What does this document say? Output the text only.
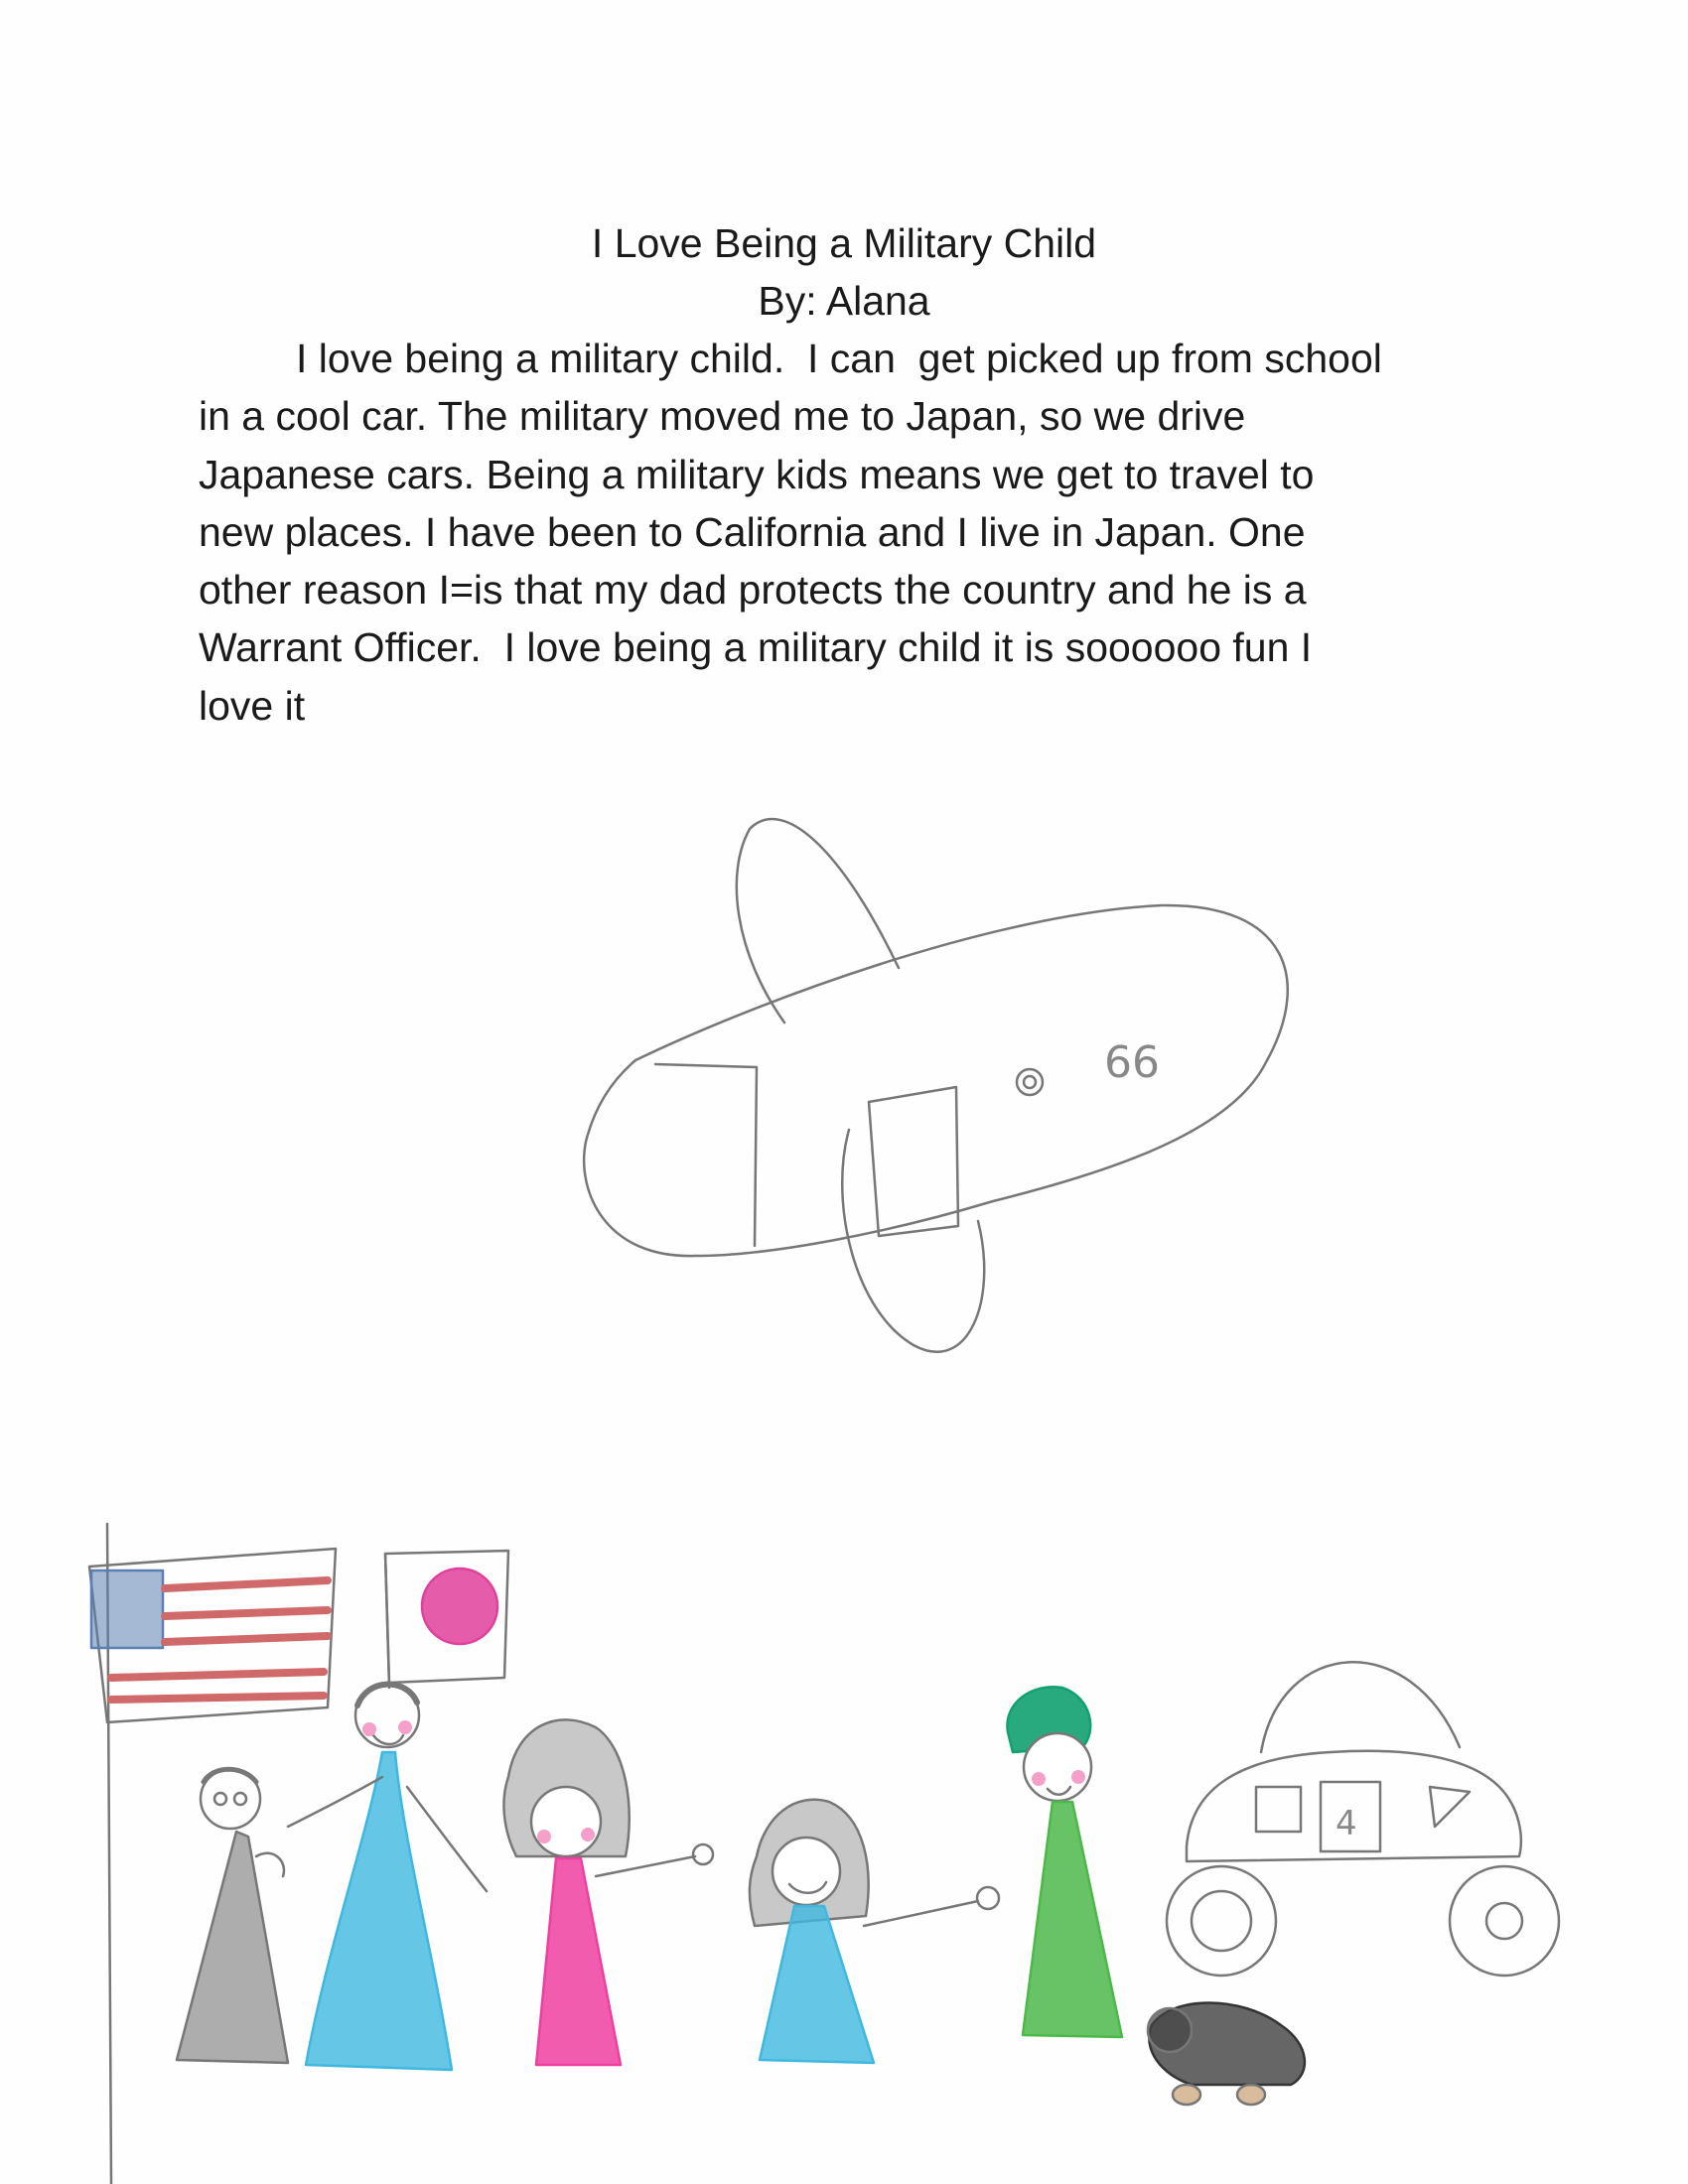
I Love Being a Military Child
By: Alana
I love being a military child.  I can  get picked up from school
in a cool car. The military moved me to Japan, so we drive
Japanese cars. Being a military kids means we get to travel to
new places. I have been to California and I live in Japan. One
other reason I=is that my dad protects the country and he is a
Warrant Officer.  I love being a military child it is soooooo fun I
love it
66
4
